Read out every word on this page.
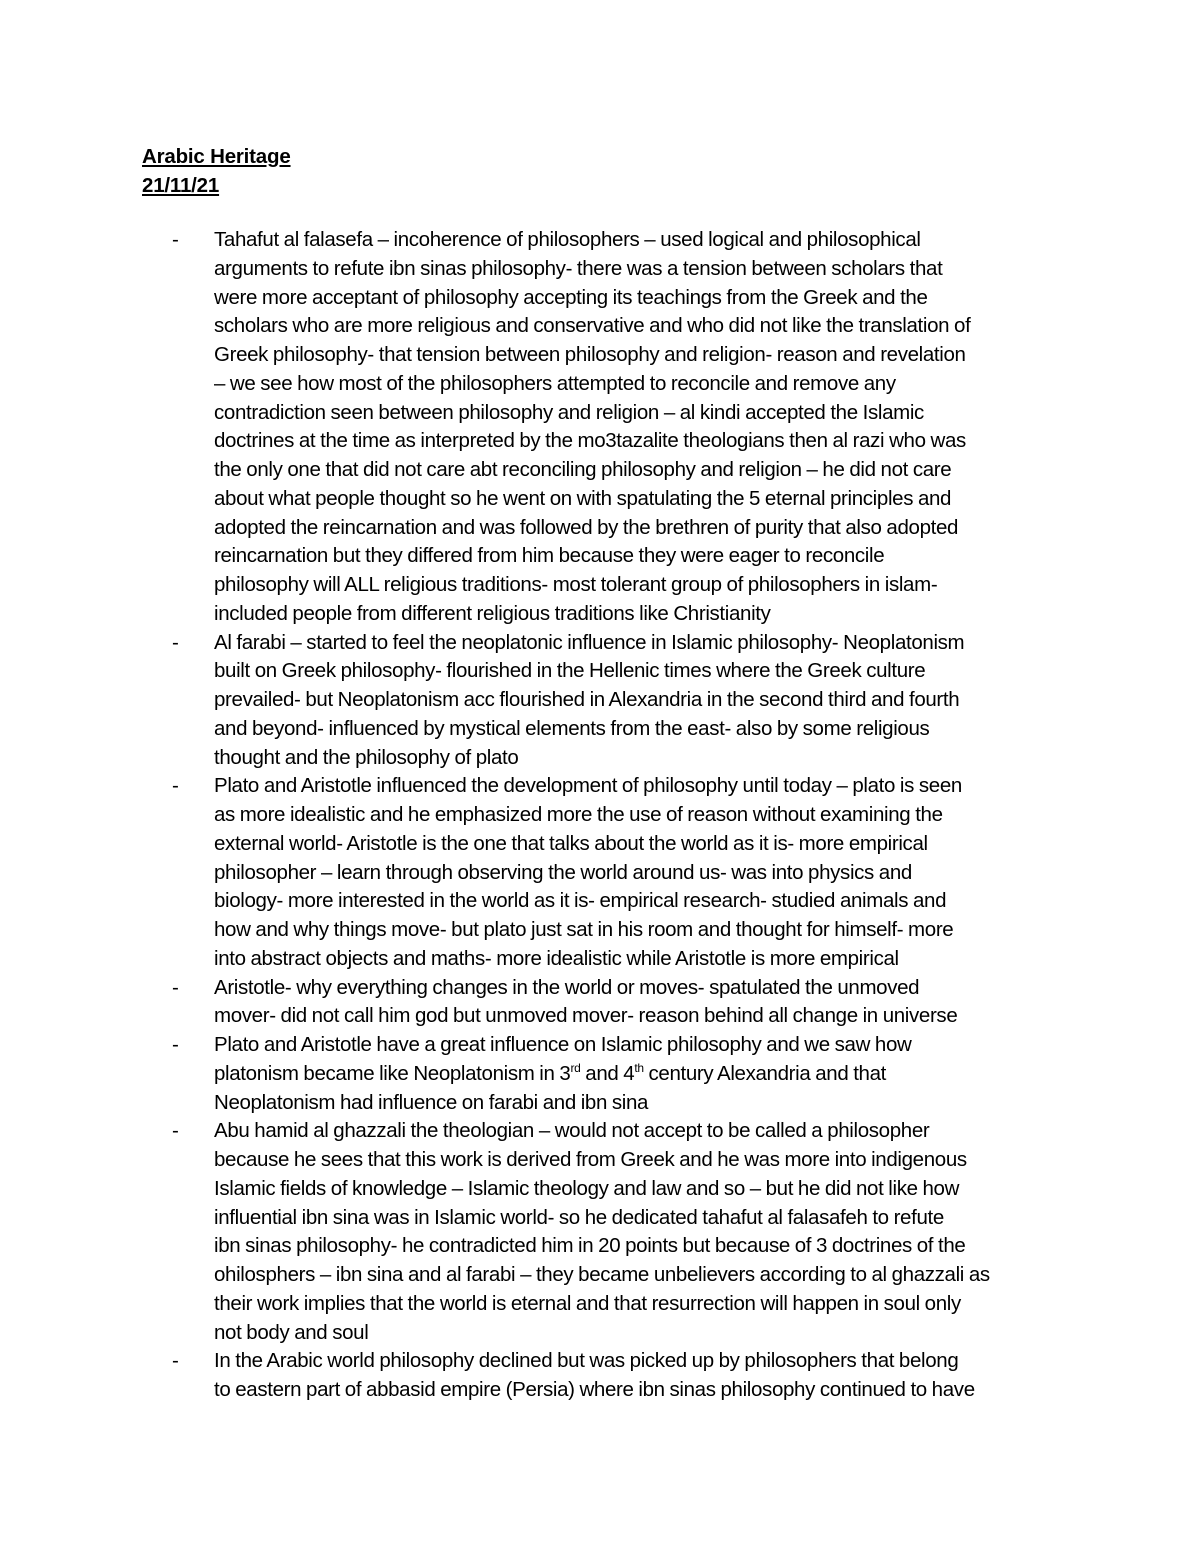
Arabic Heritage
21/11/21
- Tahafut al falasefa – incoherence of philosophers – used logical and philosophical
arguments to refute ibn sinas philosophy- there was a tension between scholars that
were more acceptant of philosophy accepting its teachings from the Greek and the
scholars who are more religious and conservative and who did not like the translation of
Greek philosophy- that tension between philosophy and religion- reason and revelation
– we see how most of the philosophers attempted to reconcile and remove any
contradiction seen between philosophy and religion – al kindi accepted the Islamic
doctrines at the time as interpreted by the mo3tazalite theologians then al razi who was
the only one that did not care abt reconciling philosophy and religion – he did not care
about what people thought so he went on with spatulating the 5 eternal principles and
adopted the reincarnation and was followed by the brethren of purity that also adopted
reincarnation but they differed from him because they were eager to reconcile
philosophy will ALL religious traditions- most tolerant group of philosophers in islam-
included people from different religious traditions like Christianity
- Al farabi – started to feel the neoplatonic influence in Islamic philosophy- Neoplatonism
built on Greek philosophy- flourished in the Hellenic times where the Greek culture
prevailed- but Neoplatonism acc flourished in Alexandria in the second third and fourth
and beyond- influenced by mystical elements from the east- also by some religious
thought and the philosophy of plato
- Plato and Aristotle influenced the development of philosophy until today – plato is seen
as more idealistic and he emphasized more the use of reason without examining the
external world- Aristotle is the one that talks about the world as it is- more empirical
philosopher – learn through observing the world around us- was into physics and
biology- more interested in the world as it is- empirical research- studied animals and
how and why things move- but plato just sat in his room and thought for himself- more
into abstract objects and maths- more idealistic while Aristotle is more empirical
- Aristotle- why everything changes in the world or moves- spatulated the unmoved
mover- did not call him god but unmoved mover- reason behind all change in universe
- Plato and Aristotle have a great influence on Islamic philosophy and we saw how
platonism became like Neoplatonism in 3rd and 4th century Alexandria and that
Neoplatonism had influence on farabi and ibn sina
- Abu hamid al ghazzali the theologian – would not accept to be called a philosopher
because he sees that this work is derived from Greek and he was more into indigenous
Islamic fields of knowledge – Islamic theology and law and so – but he did not like how
influential ibn sina was in Islamic world- so he dedicated tahafut al falasafeh to refute
ibn sinas philosophy- he contradicted him in 20 points but because of 3 doctrines of the
ohilosphers – ibn sina and al farabi – they became unbelievers according to al ghazzali as
their work implies that the world is eternal and that resurrection will happen in soul only
not body and soul
- In the Arabic world philosophy declined but was picked up by philosophers that belong
to eastern part of abbasid empire (Persia) where ibn sinas philosophy continued to have
